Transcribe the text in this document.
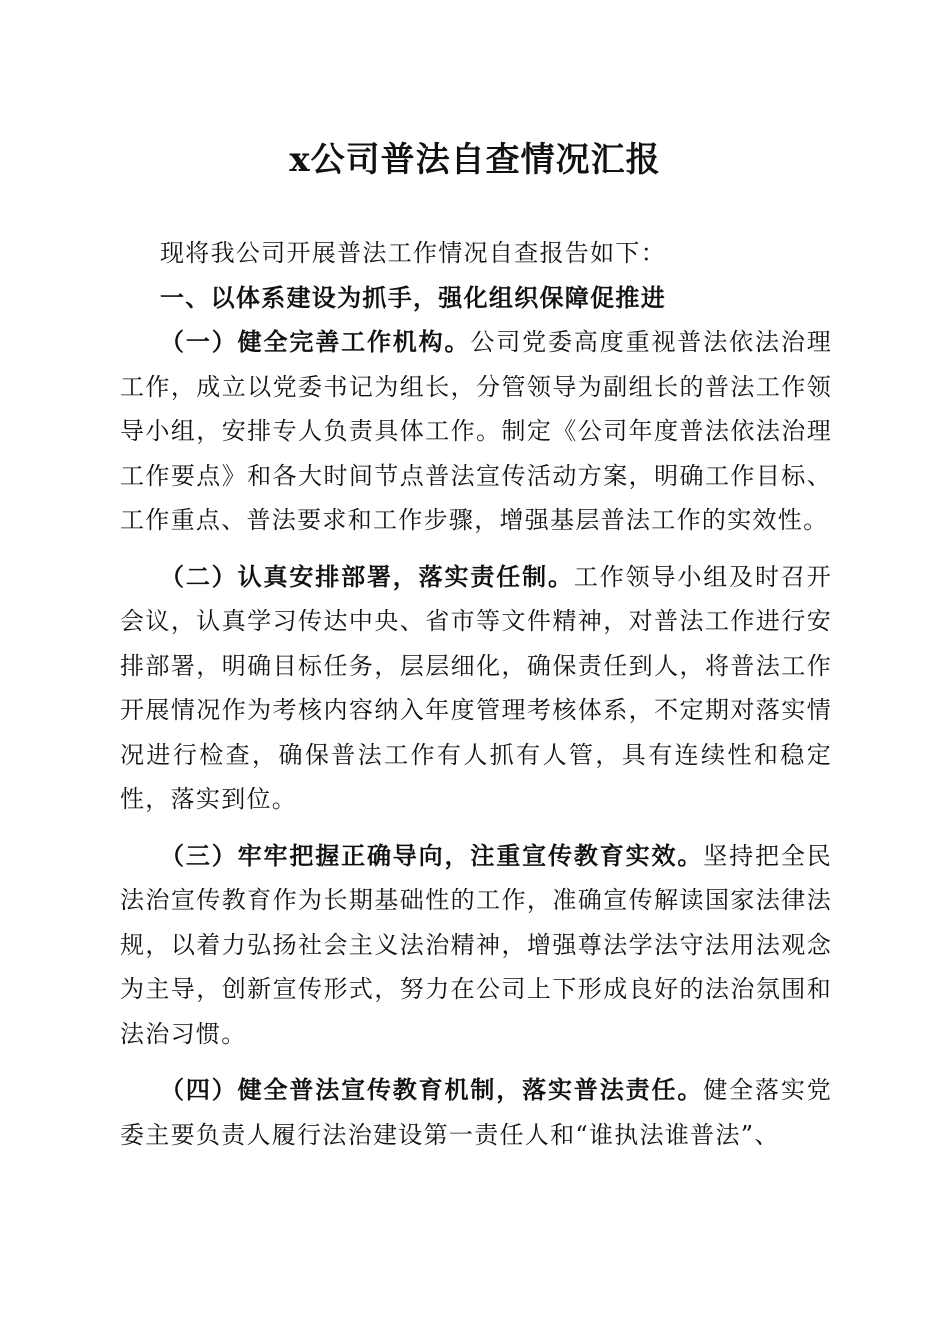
x公司普法自查情况汇报

现将我公司开展普法工作情况自查报告如下：

一、以体系建设为抓手，强化组织保障促推进

（一）健全完善工作机构。公司党委高度重视普法依法治理工作，成立以党委书记为组长，分管领导为副组长的普法工作领导小组，安排专人负责具体工作。制定《公司年度普法依法治理工作要点》和各大时间节点普法宣传活动方案，明确工作目标、工作重点、普法要求和工作步骤，增强基层普法工作的实效性。

（二）认真安排部署，落实责任制。工作领导小组及时召开会议，认真学习传达中央、省市等文件精神，对普法工作进行安排部署，明确目标任务，层层细化，确保责任到人，将普法工作开展情况作为考核内容纳入年度管理考核体系，不定期对落实情况进行检查，确保普法工作有人抓有人管，具有连续性和稳定性，落实到位。

（三）牢牢把握正确导向，注重宣传教育实效。坚持把全民法治宣传教育作为长期基础性的工作，准确宣传解读国家法律法规，以着力弘扬社会主义法治精神，增强尊法学法守法用法观念为主导，创新宣传形式，努力在公司上下形成良好的法治氛围和法治习惯。

（四）健全普法宣传教育机制，落实普法责任。健全落实党委主要负责人履行法治建设第一责任人和“谁执法谁普法”、
